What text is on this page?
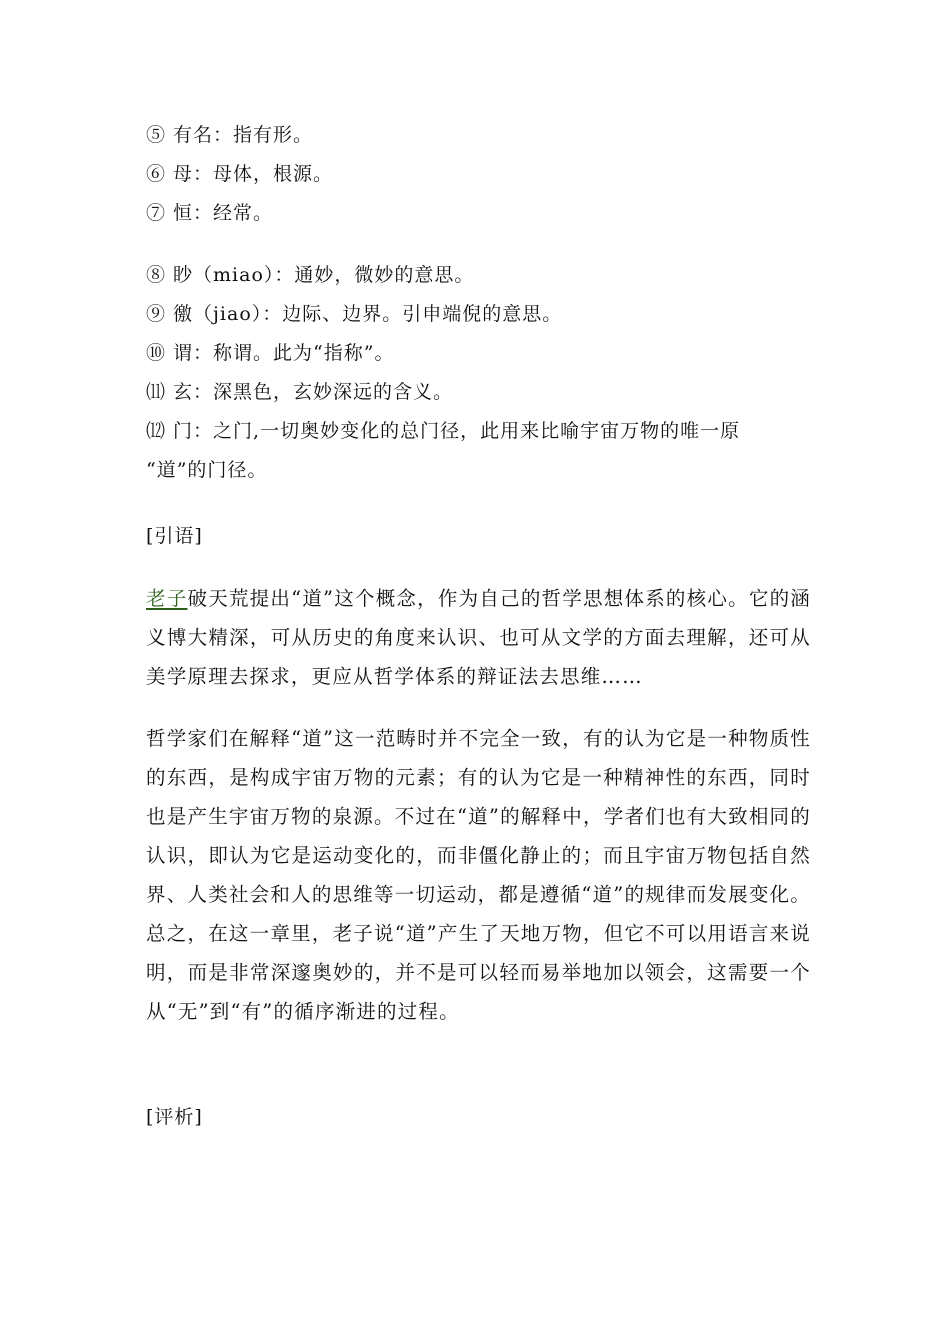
⑤ 有名：指有形。
⑥ 母：母体，根源。
⑦ 恒：经常。
⑧ 眇（miao）：通妙，微妙的意思。
⑨ 徼（jiao）：边际、边界。引申端倪的意思。
⑩ 谓：称谓。此为“指称”。
⑾ 玄：深黑色，玄妙深远的含义。
⑿ 门：之门,一切奥妙变化的总门径，此用来比喻宇宙万物的唯一原
“道”的门径。
[引语]
老子破天荒提出“道”这个概念，作为自己的哲学思想体系的核心。它的涵义博大精深，可从历史的角度来认识、也可从文学的方面去理解，还可从美学原理去探求，更应从哲学体系的辩证法去思维……
哲学家们在解释“道”这一范畴时并不完全一致，有的认为它是一种物质性的东西，是构成宇宙万物的元素；有的认为它是一种精神性的东西，同时也是产生宇宙万物的泉源。不过在“道”的解释中，学者们也有大致相同的认识，即认为它是运动变化的，而非僵化静止的；而且宇宙万物包括自然界、人类社会和人的思维等一切运动，都是遵循“道”的规律而发展变化。总之，在这一章里，老子说“道”产生了天地万物，但它不可以用语言来说明，而是非常深邃奥妙的，并不是可以轻而易举地加以领会，这需要一个从“无”到“有”的循序渐进的过程。
[评析]
